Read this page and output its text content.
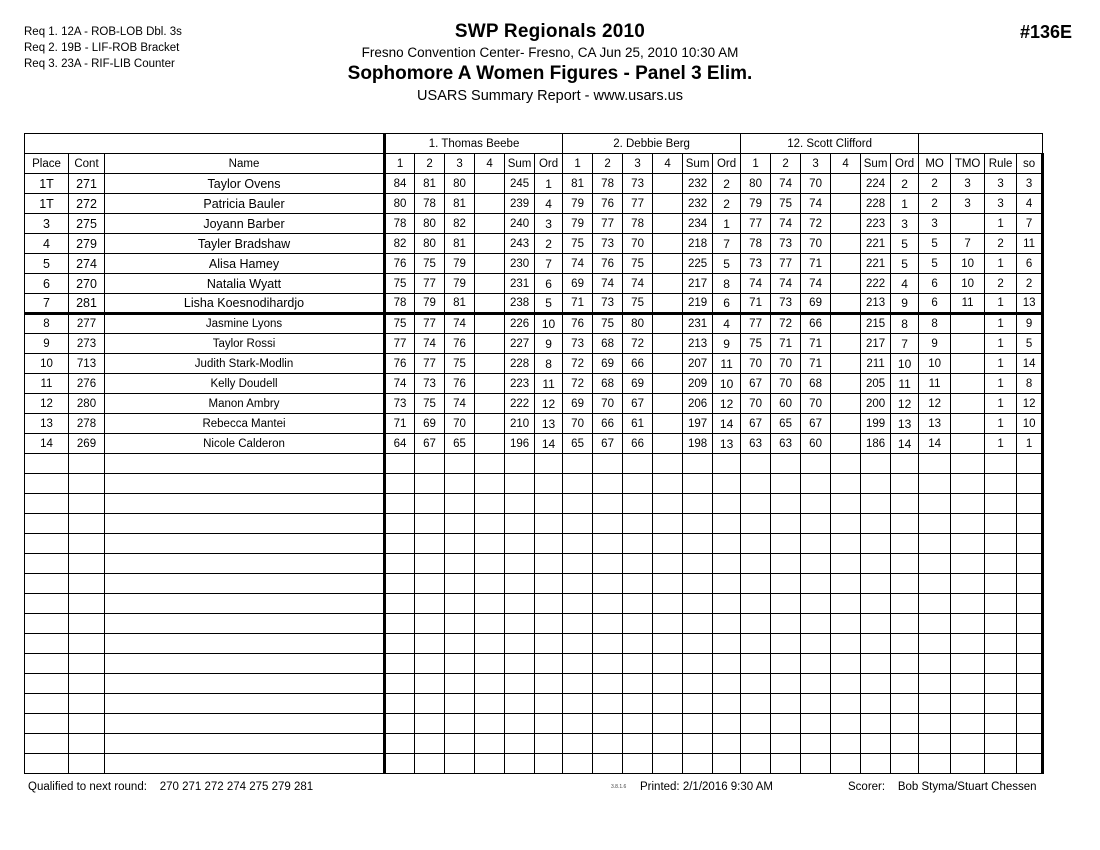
Req 1. 12A - ROB-LOB Dbl. 3s
Req 2. 19B - LIF-ROB Bracket
Req 3. 23A - RIF-LIB Counter
SWP Regionals 2010
Fresno Convention Center- Fresno, CA Jun 25, 2010 10:30 AM
Sophomore A Women Figures - Panel 3 Elim.
USARS Summary Report - www.usars.us
#136E
			1. Thomas Beebe						2. Debbie Berg						12. Scott Clifford									
Place	Cont	Name	1	2	3	4	Sum	Ord	1	2	3	4	Sum	Ord	1	2	3	4	Sum	Ord	MO	TMO	Rule	so
1T	271	Taylor Ovens	84	81	80		245	1	81	78	73		232	2	80	74	70		224	2	2	3	3	3
1T	272	Patricia Bauler	80	78	81		239	4	79	76	77		232	2	79	75	74		228	1	2	3	3	4
3	275	Joyann Barber	78	80	82		240	3	79	77	78		234	1	77	74	72		223	3	3		1	7
4	279	Tayler Bradshaw	82	80	81		243	2	75	73	70		218	7	78	73	70		221	5	5	7	2	11
5	274	Alisa Hamey	76	75	79		230	7	74	76	75		225	5	73	77	71		221	5	5	10	1	6
6	270	Natalia Wyatt	75	77	79		231	6	69	74	74		217	8	74	74	74		222	4	6	10	2	2
7	281	Lisha Koesnodihardjo	78	79	81		238	5	71	73	75		219	6	71	73	69		213	9	6	11	1	13
8	277	Jasmine Lyons	75	77	74		226	10	76	75	80		231	4	77	72	66		215	8	8		1	9
9	273	Taylor Rossi	77	74	76		227	9	73	68	72		213	9	75	71	71		217	7	9		1	5
10	713	Judith Stark-Modlin	76	77	75		228	8	72	69	66		207	11	70	70	71		211	10	10		1	14
11	276	Kelly Doudell	74	73	76		223	11	72	68	69		209	10	67	70	68		205	11	11		1	8
12	280	Manon Ambry	73	75	74		222	12	69	70	67		206	12	70	60	70		200	12	12		1	12
13	278	Rebecca Mantei	71	69	70		210	13	70	66	61		197	14	67	65	67		199	13	13		1	10
14	269	Nicole Calderon	64	67	65		196	14	65	67	66		198	13	63	63	60		186	14	14		1	1

Qualified to next round: 270 271 272 274 275 279 281	3.8.1.6 Printed: 2/1/2016 9:30 AM	Scorer: Bob Styma/Stuart Chessen
